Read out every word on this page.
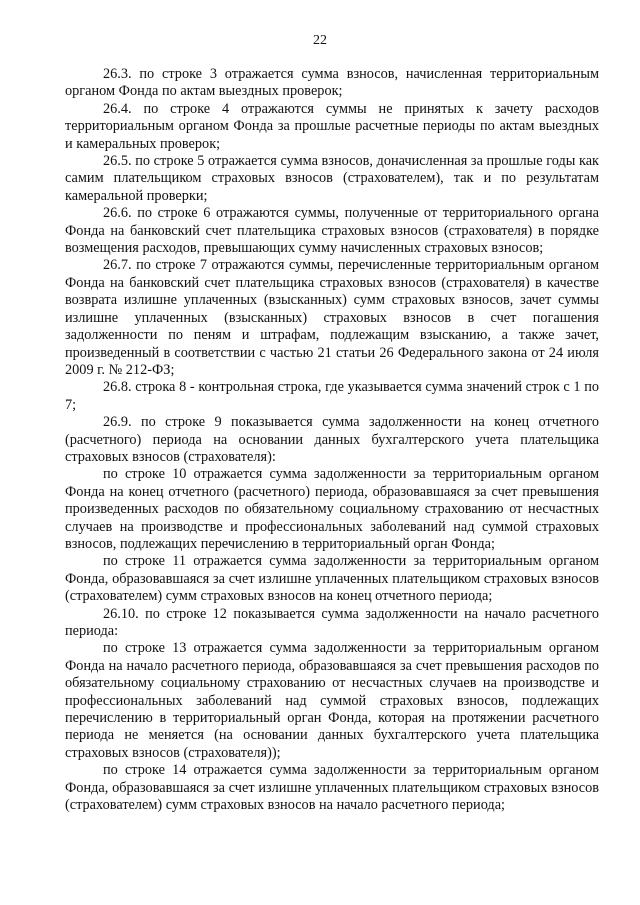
22

26.3. по строке 3 отражается сумма взносов, начисленная территориальным органом Фонда по актам выездных проверок;

26.4. по строке 4 отражаются суммы не принятых к зачету расходов территориальным органом Фонда за прошлые расчетные периоды по актам выездных и камеральных проверок;

26.5. по строке 5 отражается сумма взносов, доначисленная за прошлые годы как самим плательщиком страховых взносов (страхователем), так и по результатам камеральной проверки;

26.6. по строке 6 отражаются суммы, полученные от территориального органа Фонда на банковский счет плательщика страховых взносов (страхователя) в порядке возмещения расходов, превышающих сумму начисленных страховых взносов;

26.7. по строке 7 отражаются суммы, перечисленные территориальным органом Фонда на банковский счет плательщика страховых взносов (страхователя) в качестве возврата излишне уплаченных (взысканных) сумм страховых взносов, зачет суммы излишне уплаченных (взысканных) страховых взносов в счет погашения задолженности по пеням и штрафам, подлежащим взысканию, а также зачет, произведенный в соответствии с частью 21 статьи 26 Федерального закона от 24 июля 2009 г. № 212-ФЗ;

26.8. строка 8 - контрольная строка, где указывается сумма значений строк с 1 по 7;

26.9. по строке 9 показывается сумма задолженности на конец отчетного (расчетного) периода на основании данных бухгалтерского учета плательщика страховых взносов (страхователя):

по строке 10 отражается сумма задолженности за территориальным органом Фонда на конец отчетного (расчетного) периода, образовавшаяся за счет превышения произведенных расходов по обязательному социальному страхованию от несчастных случаев на производстве и профессиональных заболеваний над суммой страховых взносов, подлежащих перечислению в территориальный орган Фонда;

по строке 11 отражается сумма задолженности за территориальным органом Фонда, образовавшаяся за счет излишне уплаченных плательщиком страховых взносов (страхователем) сумм страховых взносов на конец отчетного периода;

26.10. по строке 12 показывается сумма задолженности на начало расчетного периода:

по строке 13 отражается сумма задолженности за территориальным органом Фонда на начало расчетного периода, образовавшаяся за счет превышения расходов по обязательному социальному страхованию от несчастных случаев на производстве и профессиональных заболеваний над суммой страховых взносов, подлежащих перечислению в территориальный орган Фонда, которая на протяжении расчетного периода не меняется (на основании данных бухгалтерского учета плательщика страховых взносов (страхователя));

по строке 14 отражается сумма задолженности за территориальным органом Фонда, образовавшаяся за счет излишне уплаченных плательщиком страховых взносов (страхователем) сумм страховых взносов на начало расчетного периода;
